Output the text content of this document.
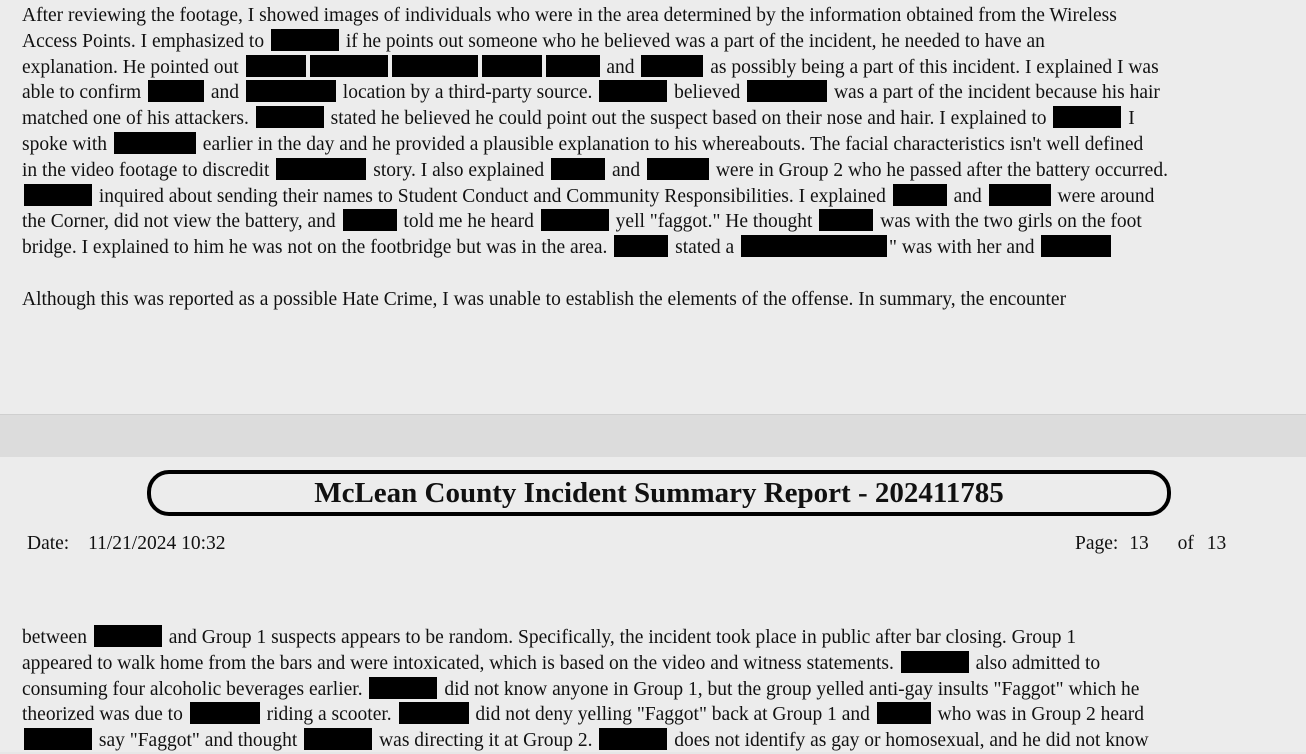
After reviewing the footage, I showed images of individuals who were in the area determined by the information obtained from the Wireless
Access Points. I emphasized to	if he points out someone who he believed was a part of the incident, he needed to have an
explanation. He pointed out	and	as possibly being a part of this incident. I explained I was
able to confirm	and	location by a third-party source.	believed	was a part of the incident because his hair
matched one of his attackers.	stated he believed he could point out the suspect based on their nose and hair. I explained to	I
spoke with	earlier in the day and he provided a plausible explanation to his whereabouts. The facial characteristics isn't well defined
in the video footage to discredit	story. I also explained	and	were in Group 2 who he passed after the battery occurred.
inquired about sending their names to Student Conduct and Community Responsibilities. I explained	and	were around
the Corner, did not view the battery, and	told me he heard	yell "faggot." He thought	was with the two girls on the foot
bridge. I explained to him he was not on the footbridge but was in the area.	stated a	" was with her and
Although this was reported as a possible Hate Crime, I was unable to establish the elements of the offense. In summary, the encounter
McLean County Incident Summary Report - 202411785
Date: 11/21/2024 10:32	Page: 13 of 13
between	and Group 1 suspects appears to be random. Specifically, the incident took place in public after bar closing. Group 1
appeared to walk home from the bars and were intoxicated, which is based on the video and witness statements.	also admitted to
consuming four alcoholic beverages earlier.	did not know anyone in Group 1, but the group yelled anti-gay insults "Faggot" which he
theorized was due to	riding a scooter.	did not deny yelling "Faggot" back at Group 1 and	who was in Group 2 heard
say "Faggot" and thought	was directing it at Group 2.	does not identify as gay or homosexual, and he did not know
